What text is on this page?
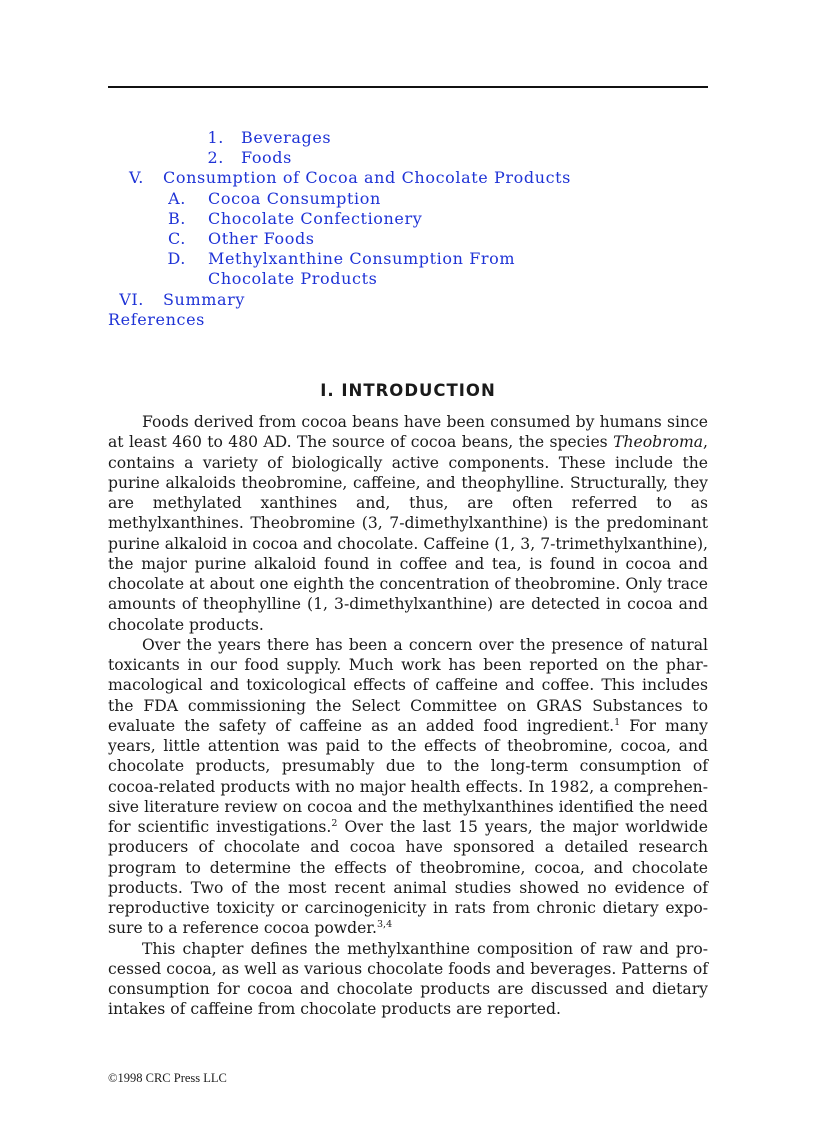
1. Beverages
2. Foods
V. Consumption of Cocoa and Chocolate Products
A. Cocoa Consumption
B. Chocolate Confectionery
C. Other Foods
D. Methylxanthine Consumption From
Chocolate Products
VI. Summary
References
I. INTRODUCTION

Foods derived from cocoa beans have been consumed by humans since at least 460 to 480 AD. The source of cocoa beans, the species Theobroma, contains a variety of biologically active components. These include the purine alkaloids theobromine, caffeine, and theophylline. Structurally, they are methylated xanthines and, thus, are often referred to as methylxanthines. Theobromine (3, 7-dimethylxanthine) is the predominant purine alkaloid in cocoa and chocolate. Caffeine (1, 3, 7-trimethylxanthine), the major purine alkaloid found in coffee and tea, is found in cocoa and chocolate at about one eighth the concentration of theobromine. Only trace amounts of theophylline (1, 3-dimethylxanthine) are detected in cocoa and chocolate products.

Over the years there has been a concern over the presence of natural toxicants in our food supply. Much work has been reported on the pharmacological and toxicological effects of caffeine and coffee. This includes the FDA commissioning the Select Committee on GRAS Substances to evaluate the safety of caffeine as an added food ingredient.$^1$ For many years, little attention was paid to the effects of theobromine, cocoa, and chocolate products, presumably due to the long-term consumption of cocoa-related products with no major health effects. In 1982, a comprehensive literature review on cocoa and the methylxanthines identified the need for scientific investigations.$^2$ Over the last 15 years, the major worldwide producers of chocolate and cocoa have sponsored a detailed research program to determine the effects of theobromine, cocoa, and chocolate products. Two of the most recent animal studies showed no evidence of reproductive toxicity or carcinogenicity in rats from chronic dietary exposure to a reference cocoa powder.$^{3,4}$

This chapter defines the methylxanthine composition of raw and processed cocoa, as well as various chocolate foods and beverages. Patterns of consumption for cocoa and chocolate products are discussed and dietary intakes of caffeine from chocolate products are reported.

©1998 CRC Press LLC
